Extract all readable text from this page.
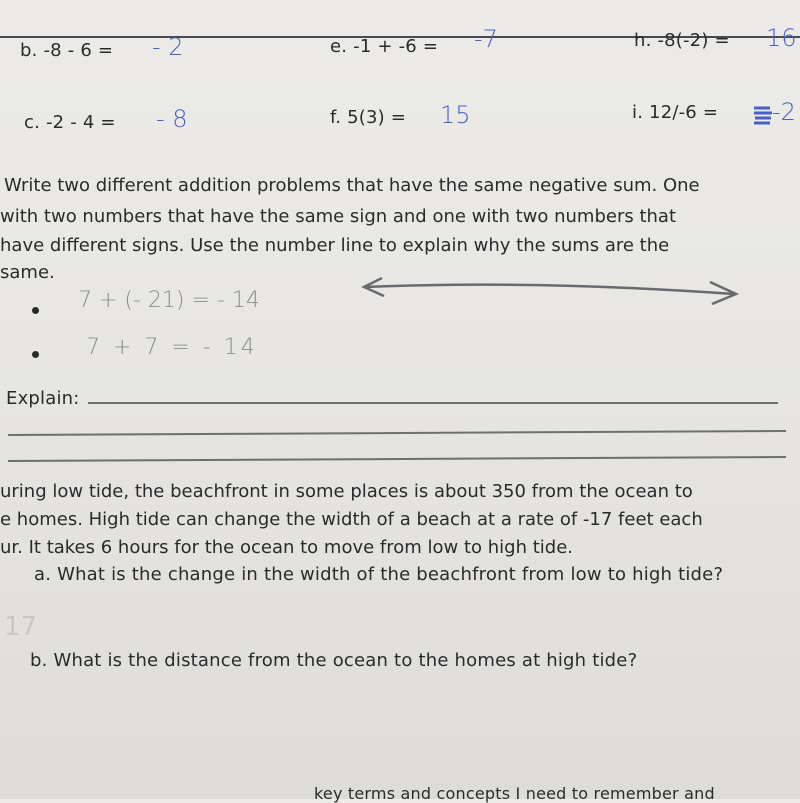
b. -8 - 6 = - 2	e. -1 + -6 = -7	h. -8(-2) = 16
c. -2 - 4 = - 8	f. 5(3) = 15	i. 12/-6 = -2
Write two different addition problems that have the same negative sum. One
with two numbers that have the same sign and one with two numbers that
have different signs. Use the number line to explain why the sums are the
same.
7 + (- 21) = - 14
7 + 7 = - 14
Explain:
uring low tide, the beachfront in some places is about 350 from the ocean to
e homes. High tide can change the width of a beach at a rate of -17 feet each
ur. It takes 6 hours for the ocean to move from low to high tide.
a. What is the change in the width of the beachfront from low to high tide?
17
b. What is the distance from the ocean to the homes at high tide?
key terms and concepts I need to remember and
